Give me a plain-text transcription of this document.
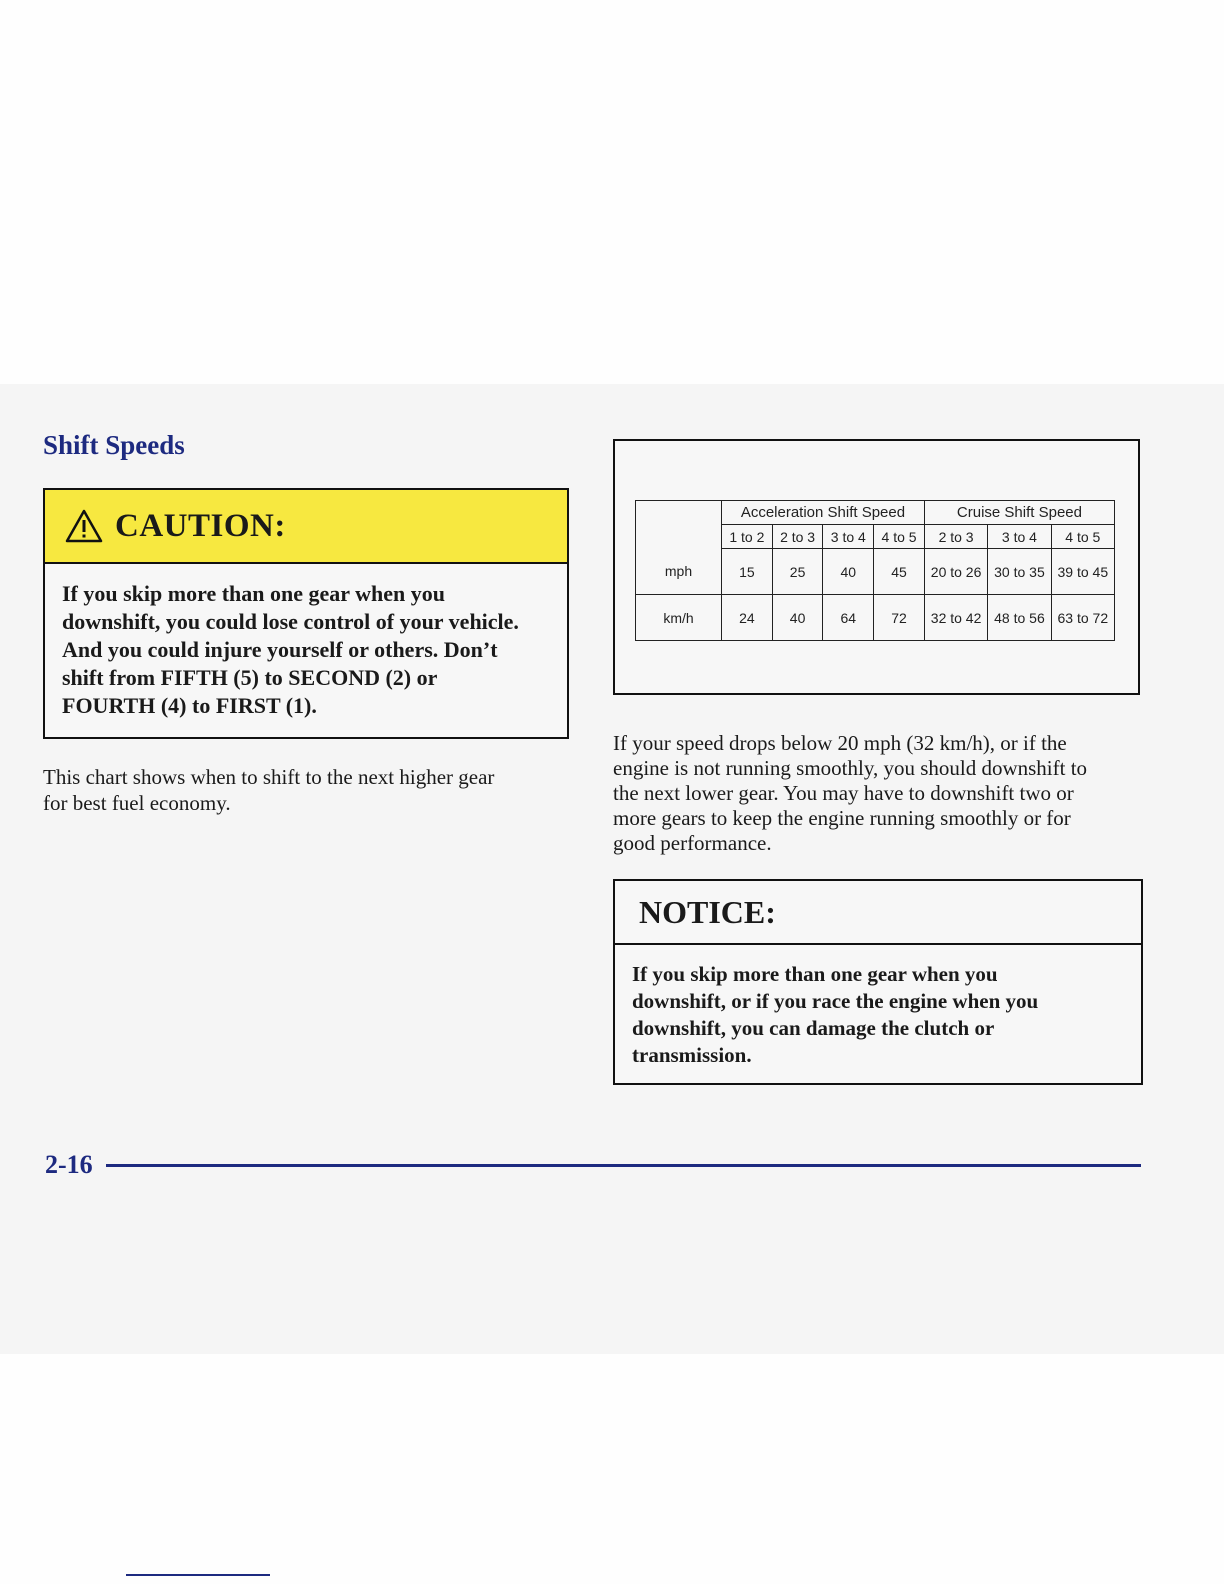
Shift Speeds
CAUTION:
If you skip more than one gear when you
downshift, you could lose control of your vehicle.
And you could injure yourself or others. Don’t
shift from FIFTH (5) to SECOND (2) or
FOURTH (4) to FIRST (1).

This chart shows when to shift to the next higher gear
for best fuel economy.

	Acceleration Shift Speed				Cruise Shift Speed		
	1 to 2	2 to 3	3 to 4	4 to 5	2 to 3	3 to 4	4 to 5
mph	15	25	40	45	20 to 26	30 to 35	39 to 45
km/h	24	40	64	72	32 to 42	48 to 56	63 to 72

If your speed drops below 20 mph (32 km/h), or if the
engine is not running smoothly, you should downshift to
the next lower gear. You may have to downshift two or
more gears to keep the engine running smoothly or for
good performance.

NOTICE:
If you skip more than one gear when you
downshift, or if you race the engine when you
downshift, you can damage the clutch or
transmission.
2-16
